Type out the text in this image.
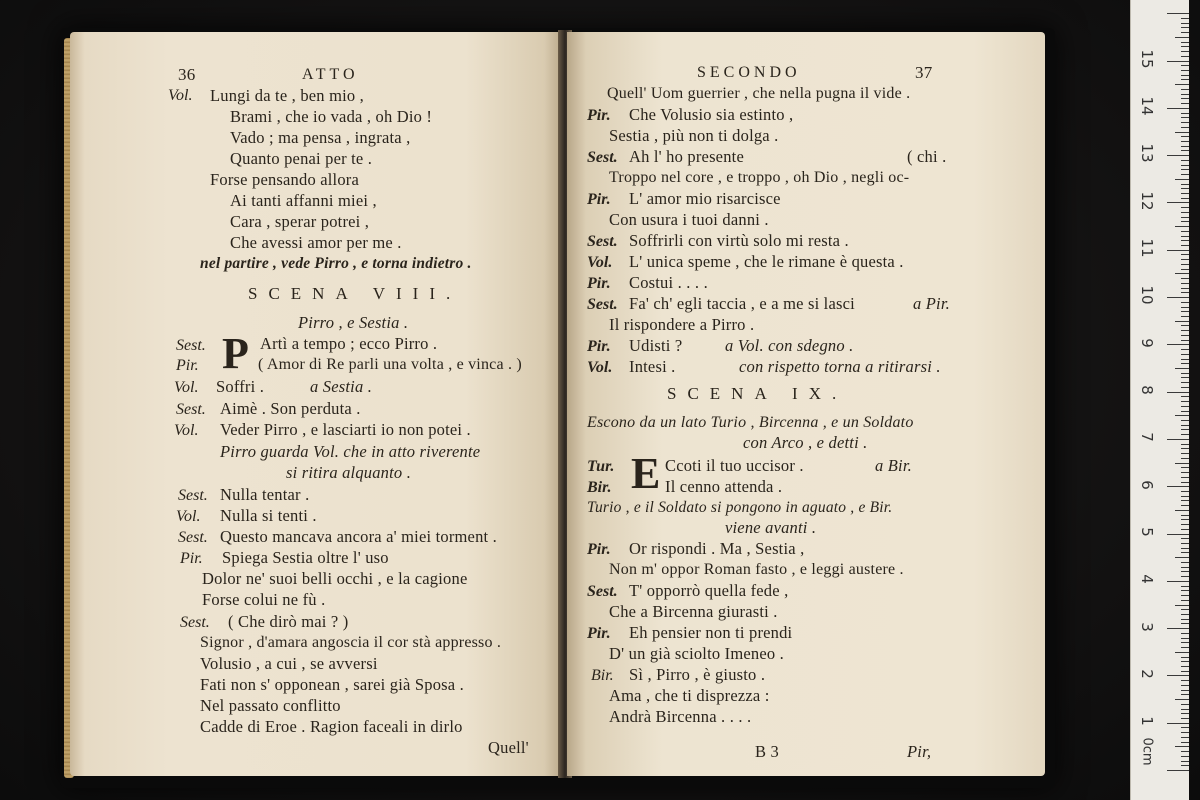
36	ATTO
Vol. Lungi da te , ben mio ,
Brami , che io vada , oh Dio !
Vado ; ma pensa , ingrata ,
Quanto penai per te .
Forse pensando allora
Ai tanti affanni miei ,
Cara , sperar potrei ,
Che avessi amor per me .
nel partire , vede Pirro , e torna indietro .
SCENA VIII.
Pirro , e Sestia .
P
Sest.	Artì a tempo ; ecco Pirro .
Pir.	( Amor di Re parli una volta , e vinca . )
Vol. Soffri .	a Sestia .
Sest. Aimè . Son perduta .
Vol. Veder Pirro , e lasciarti io non potei .
Pirro guarda Vol. che in atto riverente
si ritira alquanto .
Sest. Nulla tentar .
Vol. Nulla si tenti .
Sest. Questo mancava ancora a' miei torment .
Pir. Spiega Sestia oltre l' uso
Dolor ne' suoi belli occhi , e la cagione
Forse colui ne fù .
Sest. ( Che dirò mai ? )
Signor , d'amara angoscia il cor stà appresso .
Volusio , a cui , se avversi
Fati non s' opponean , sarei già Sposa .
Nel passato conflitto
Cadde di Eroe . Ragion faceali in dirlo
Quell'
SECONDO	37
Quell' Uom guerrier , che nella pugna il vide .
Pir. Che Volusio sia estinto ,
Sestia , più non ti dolga .
Sest. Ah l' ho presente	( chi .
Troppo nel core , e troppo , oh Dio , negli oc-
Pir. L' amor mio risarcisce
Con usura i tuoi danni .
Sest. Soffrirli con virtù solo mi resta .
Vol. L' unica speme , che le rimane è questa .
Pir. Costui . . . .
Sest. Fa' ch' egli taccia , e a me si lasci	a Pir.
Il rispondere a Pirro .
Pir. Udisti ?	a Vol. con sdegno .
Vol. Intesi .	con rispetto torna a ritirarsi .
SCENA IX.
Escono da un lato Turio , Bircenna , e un Soldato
con Arco , e detti .
E
Tur.	Ccoti il tuo uccisor .	a Bir.
Bir.	Il cenno attenda .
Turio , e il Soldato si pongono in aguato , e Bir.
viene avanti .
Pir. Or rispondi . Ma , Sestia ,
Non m' oppor Roman fasto , e leggi austere .
Sest. T' opporrò quella fede ,
Che a Bircenna giurasti .
Pir. Eh pensier non ti prendi
D' un già sciolto Imeneo .
Bir. Sì , Pirro , è giusto .
Ama , che ti disprezza :
Andrà Bircenna . . . .
B 3	Pir,	0cm
1
2
3
4
5
6
7
8
9
10
11
12
13
14
15
